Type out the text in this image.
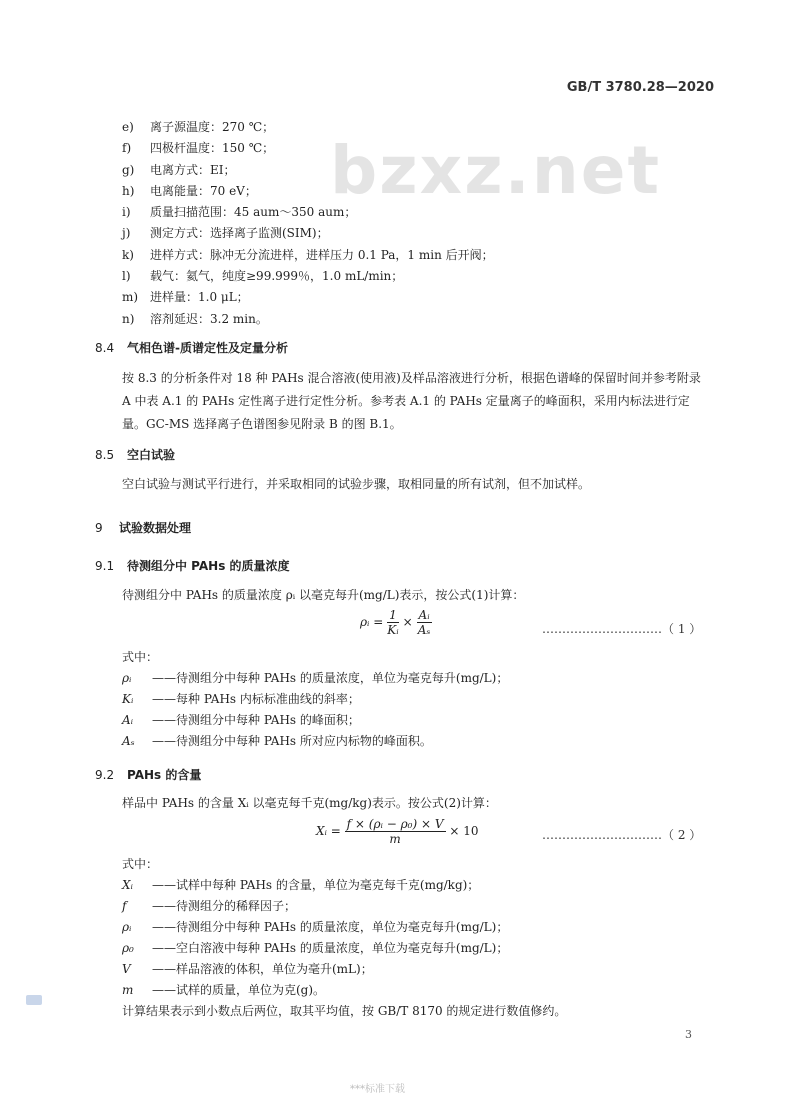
GB/T 3780.28—2020
bzxz.net
e) 离子源温度：270 ℃；
f) 四极杆温度：150 ℃；
g) 电离方式：EI；
h) 电离能量：70 eV；
i) 质量扫描范围：45 aum～350 aum；
j) 测定方式：选择离子监测(SIM)；
k) 进样方式：脉冲无分流进样，进样压力 0.1 Pa，1 min 后开阀；
l) 载气：氦气，纯度≥99.999％，1.0 mL/min；
m) 进样量：1.0 μL；
n) 溶剂延迟：3.2 min。
8.4 气相色谱-质谱定性及定量分析
按 8.3 的分析条件对 18 种 PAHs 混合溶液(使用液)及样品溶液进行分析，根据色谱峰的保留时间并参考附录 A 中表 A.1 的 PAHs 定性离子进行定性分析。参考表 A.1 的 PAHs 定量离子的峰面积，采用内标法进行定量。GC-MS 选择离子色谱图参见附录 B 的图 B.1。
8.5 空白试验
空白试验与测试平行进行，并采取相同的试验步骤，取相同量的所有试剂，但不加试样。
9 试验数据处理
9.1 待测组分中 PAHs 的质量浓度
待测组分中 PAHs 的质量浓度 ρᵢ 以毫克每升(mg/L)表示，按公式(1)计算：
ρᵢ = $\frac{1}{\text{Kᵢ}} \times \frac{\text{Aᵢ}}{\text{Aₛ}}$	…………………………（ 1 ）
式中：
ρᵢ ——待测组分中每种 PAHs 的质量浓度，单位为毫克每升(mg/L)；
Kᵢ ——每种 PAHs 内标标准曲线的斜率；
Aᵢ ——待测组分中每种 PAHs 的峰面积；
Aₛ ——待测组分中每种 PAHs 所对应内标物的峰面积。
9.2 PAHs 的含量
样品中 PAHs 的含量 Xᵢ 以毫克每千克(mg/kg)表示。按公式(2)计算：
Xᵢ = $\frac{\text{f × (ρᵢ − ρ₀) × V}}{m} \times 10$	…………………………（ 2 ）
式中：
Xᵢ ——试样中每种 PAHs 的含量，单位为毫克每千克(mg/kg)；
f ——待测组分的稀释因子；
ρᵢ ——待测组分中每种 PAHs 的质量浓度，单位为毫克每升(mg/L)；
ρ₀ ——空白溶液中每种 PAHs 的质量浓度，单位为毫克每升(mg/L)；
V ——样品溶液的体积，单位为毫升(mL)；
m ——试样的质量，单位为克(g)。
计算结果表示到小数点后两位，取其平均值，按 GB/T 8170 的规定进行数值修约。
3
***标准下载
